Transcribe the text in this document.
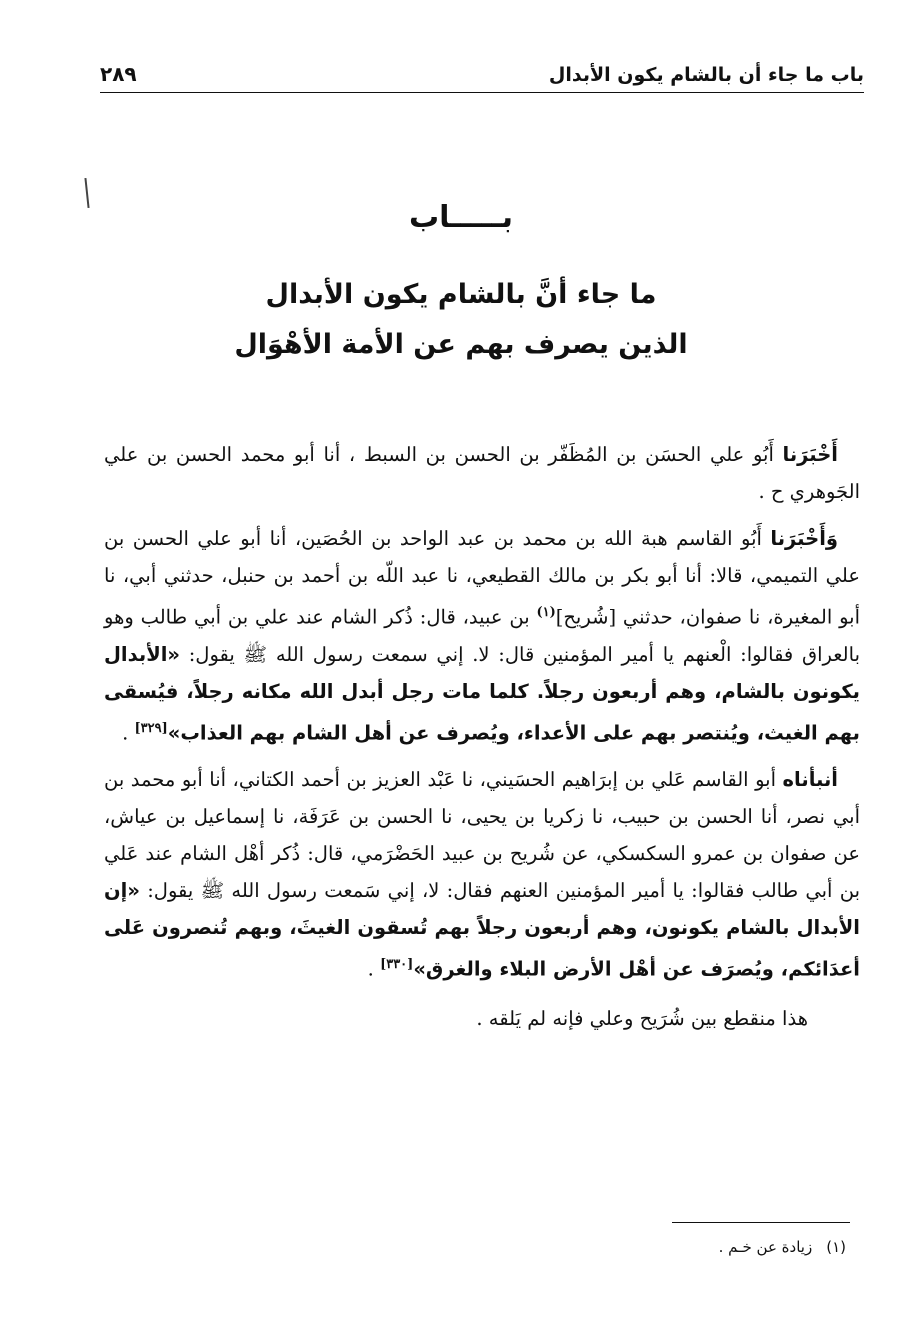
باب ما جاء أن بالشام يكون الأبدال
٢٨٩
بـــــاب
ما جاء أنَّ بالشام يكون الأبدال
الذين يصرف بهم عن الأمة الأهْوَال

أَخْبَرَنا أَبُو علي الحسَن بن المُظَفّر بن الحسن بن السبط ، أنا أبو محمد الحسن بن علي الجَوهري ح .

وَأَخْبَرَنا أَبُو القاسم هبة الله بن محمد بن عبد الواحد بن الحُصَين، أنا أبو علي الحسن بن علي التميمي، قالا: أنا أبو بكر بن مالك القطيعي، نا عبد اللّه بن أحمد بن حنبل، حدثني أبي، نا أبو المغيرة، نا صفوان، حدثني [شُريح]$^{(١)}$ بن عبيد، قال: ذُكر الشام عند علي بن أبي طالب وهو بالعراق فقالوا: الْعنهم يا أمير المؤمنين قال: لا. إني سمعت رسول الله ﷺ يقول: «الأبدال يكونون بالشام، وهم أربعون رجلاً. كلما مات رجل أبدل الله مكانه رجلاً، فيُسقى بهم الغيث، ويُنتصر بهم على الأعداء، ويُصرف عن أهل الشام بهم العذاب»[٣٢٩] .

أنبأناه أبو القاسم عَلي بن إبرَاهيم الحسَيني، نا عَبْد العزيز بن أحمد الكتاني، أنا أبو محمد بن أبي نصر، أنا الحسن بن حبيب، نا زكريا بن يحيى، نا الحسن بن عَرَفَة، نا إسماعيل بن عياش، عن صفوان بن عمرو السكسكي، عن شُريح بن عبيد الحَضْرَمي، قال: ذُكر أهْل الشام عند عَلي بن أبي طالب فقالوا: يا أمير المؤمنين العنهم فقال: لا، إني سَمعت رسول الله ﷺ يقول: «إن الأبدال بالشام يكونون، وهم أربعون رجلاً بهم تُسقون الغيثَ، وبهم تُنصرون عَلى أعدَائكم، ويُصرَف عن أهْل الأرض البلاء والغرق»[٣٣٠] .

هذا منقطع بين شُرَيح وعلي فإنه لم يَلقه .

(١)زيادة عن خـم .
